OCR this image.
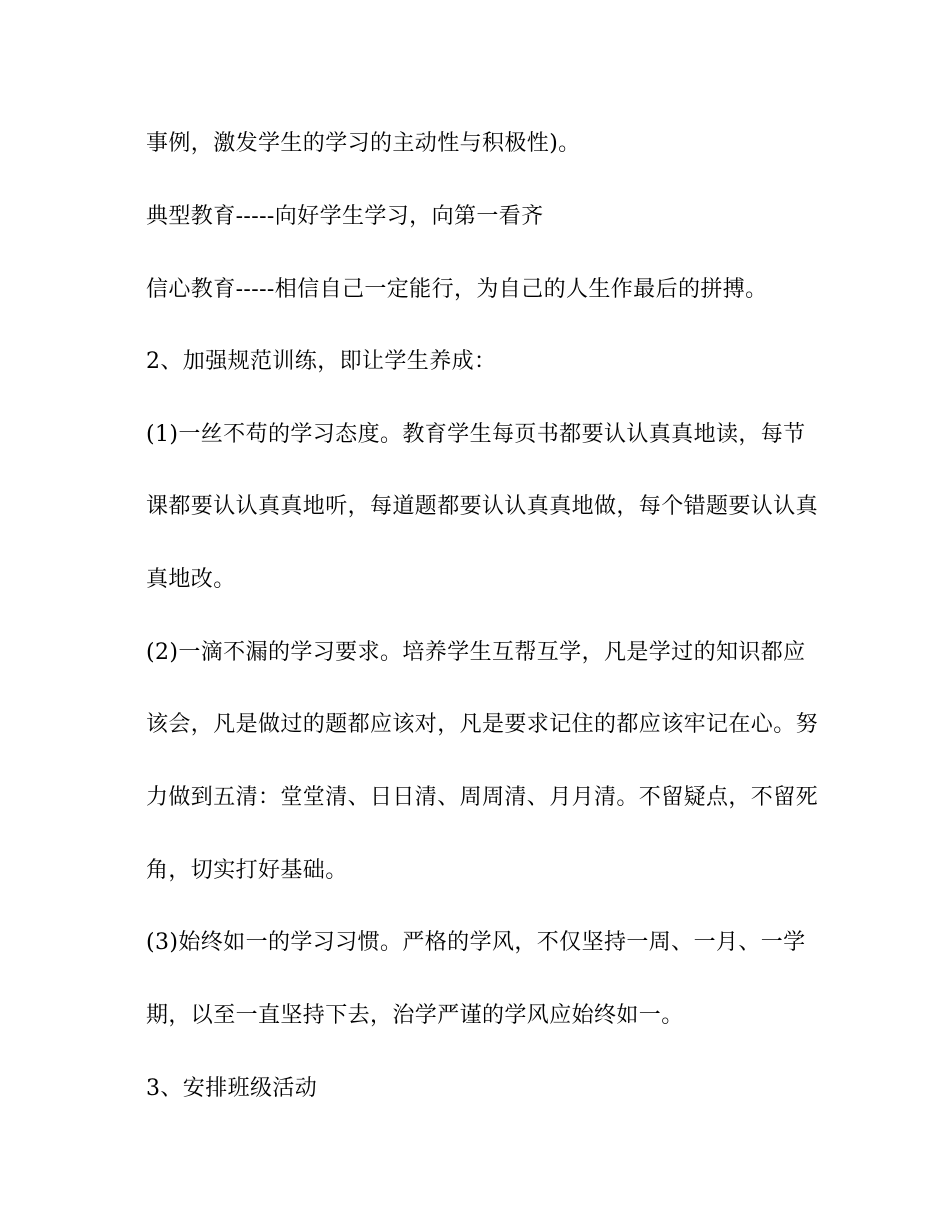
事例，激发学生的学习的主动性与积极性)。
典型教育-----向好学生学习，向第一看齐
信心教育-----相信自己一定能行，为自己的人生作最后的拼搏。
2、加强规范训练，即让学生养成：
(1)一丝不苟的学习态度。教育学生每页书都要认认真真地读，每节
课都要认认真真地听，每道题都要认认真真地做，每个错题要认认真
真地改。
(2)一滴不漏的学习要求。培养学生互帮互学，凡是学过的知识都应
该会，凡是做过的题都应该对，凡是要求记住的都应该牢记在心。努
力做到五清：堂堂清、日日清、周周清、月月清。不留疑点，不留死
角，切实打好基础。
(3)始终如一的学习习惯。严格的学风，不仅坚持一周、一月、一学
期，以至一直坚持下去，治学严谨的学风应始终如一。
3、安排班级活动
